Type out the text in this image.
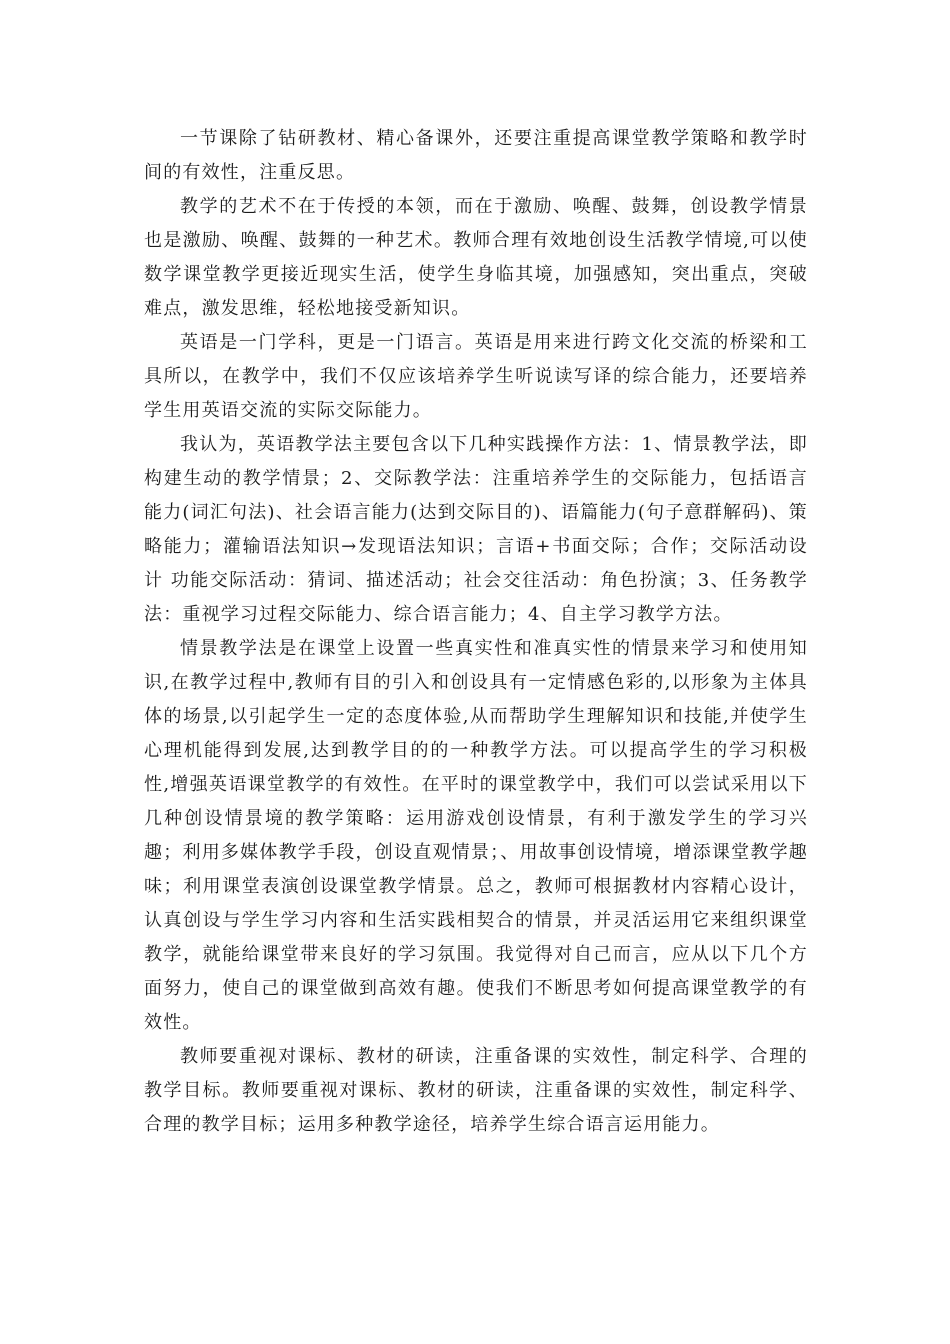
一节课除了钻研教材、精心备课外，还要注重提高课堂教学策略和教学时间的有效性，注重反思。

教学的艺术不在于传授的本领，而在于激励、唤醒、鼓舞，创设教学情景也是激励、唤醒、鼓舞的一种艺术。教师合理有效地创设生活教学情境,可以使数学课堂教学更接近现实生活，使学生身临其境，加强感知，突出重点，突破难点，激发思维，轻松地接受新知识。

英语是一门学科，更是一门语言。英语是用来进行跨文化交流的桥梁和工具所以，在教学中，我们不仅应该培养学生听说读写译的综合能力，还要培养学生用英语交流的实际交际能力。

我认为，英语教学法主要包含以下几种实践操作方法：1、情景教学法，即构建生动的教学情景；2、交际教学法：注重培养学生的交际能力，包括语言能力(词汇句法)、社会语言能力(达到交际目的)、语篇能力(句子意群解码)、策略能力；灌输语法知识→发现语法知识；言语+书面交际；合作；交际活动设计 功能交际活动：猜词、描述活动；社会交往活动：角色扮演；3、任务教学法：重视学习过程交际能力、综合语言能力；4、自主学习教学方法。

情景教学法是在课堂上设置一些真实性和准真实性的情景来学习和使用知识,在教学过程中,教师有目的引入和创设具有一定情感色彩的,以形象为主体具体的场景,以引起学生一定的态度体验,从而帮助学生理解知识和技能,并使学生心理机能得到发展,达到教学目的的一种教学方法。可以提高学生的学习积极性,增强英语课堂教学的有效性。在平时的课堂教学中，我们可以尝试采用以下几种创设情景境的教学策略：运用游戏创设情景，有利于激发学生的学习兴趣；利用多媒体教学手段，创设直观情景；、用故事创设情境，增添课堂教学趣味；利用课堂表演创设课堂教学情景。总之，教师可根据教材内容精心设计，认真创设与学生学习内容和生活实践相契合的情景，并灵活运用它来组织课堂教学，就能给课堂带来良好的学习氛围。我觉得对自己而言，应从以下几个方面努力，使自己的课堂做到高效有趣。使我们不断思考如何提高课堂教学的有效性。

教师要重视对课标、教材的研读，注重备课的实效性，制定科学、合理的教学目标。教师要重视对课标、教材的研读，注重备课的实效性，制定科学、合理的教学目标；运用多种教学途径，培养学生综合语言运用能力。
